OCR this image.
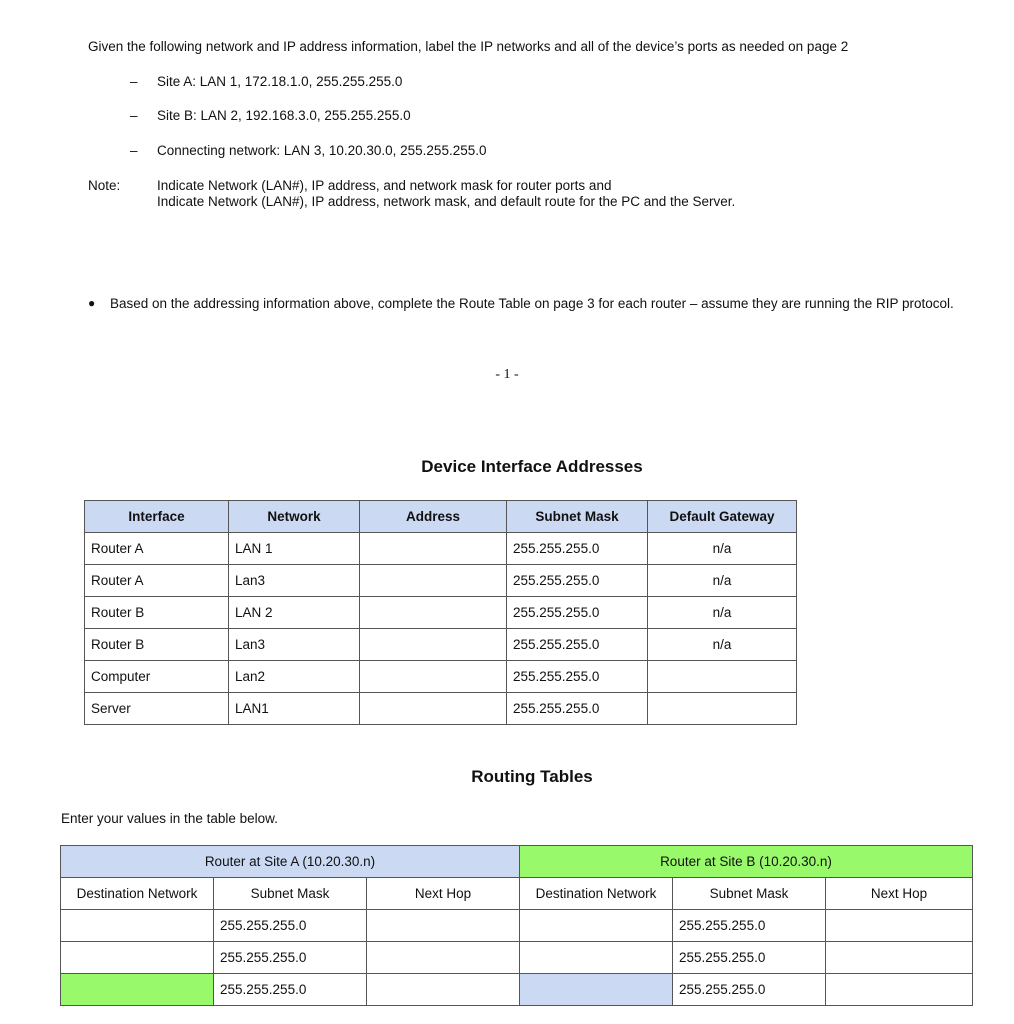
Given the following network and IP address information, label the IP networks and all of the device’s ports as needed on page 2
– Site A: LAN 1, 172.18.1.0, 255.255.255.0
– Site B: LAN 2, 192.168.3.0, 255.255.255.0
– Connecting network: LAN 3, 10.20.30.0, 255.255.255.0
Note:	Indicate Network (LAN#), IP address, and network mask for router ports and
Indicate Network (LAN#), IP address, network mask, and default route for the PC and the Server.
● Based on the addressing information above, complete the Route Table on page 3 for each router – assume they are running the RIP protocol.
- 1 -
Device Interface Addresses
Interface	Network	Address	Subnet Mask	Default Gateway
Router A	LAN 1		255.255.255.0	n/a
Router A	Lan3		255.255.255.0	n/a
Router B	LAN 2		255.255.255.0	n/a
Router B	Lan3		255.255.255.0	n/a
Computer	Lan2		255.255.255.0	
Server	LAN1		255.255.255.0	
Routing Tables
Enter your values in the table below.
Router at Site A (10.20.30.n)			Router at Site B (10.20.30.n)		
Destination Network	Subnet Mask	Next Hop	Destination Network	Subnet Mask	Next Hop
	255.255.255.0			255.255.255.0	
	255.255.255.0			255.255.255.0	
	255.255.255.0			255.255.255.0	
